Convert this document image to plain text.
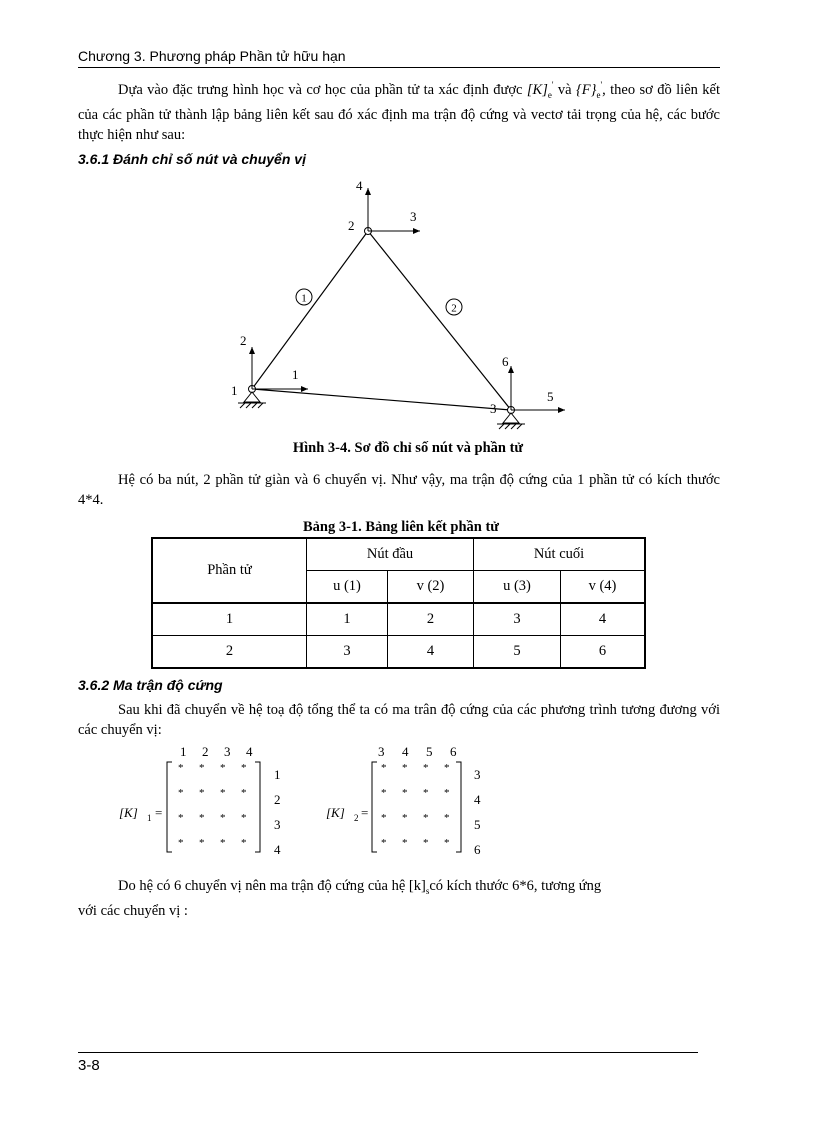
Chương 3. Phương pháp Phần tử hữu hạn
Dựa vào đặc trưng hình học và cơ học của phần tử ta xác định được $[K]_e'$ và $\{F\}_e'$, theo sơ đồ liên kết của các phần tử thành lập bảng liên kết sau đó xác định ma trận độ cứng và vectơ tải trọng của hệ, các bước thực hiện như sau:
3.6.1 Đánh chỉ số nút và chuyển vị
1
2
1
2
3
1
2
3
4
5
6
Hình 3-4. Sơ đồ chỉ số nút và phần tử
Hệ có ba nút, 2 phần tử giàn và 6 chuyển vị. Như vậy, ma trận độ cứng của 1 phần tử có kích thước 4*4.
Bảng 3-1. Bảng liên kết phần tử
Phần tử	Nút đầu		Nút cuối	
	u (1)	v (2)	u (3)	v (4)
1	1	2	3	4
2	3	4	5	6
3.6.2 Ma trận độ cứng
Sau khi đã chuyển về hệ toạ độ tổng thể ta có ma trân độ cứng của các phương trình tương đương với các chuyển vị:
[K] 1 =
1 2 3 4
1
2
3
4
* * * *
* * * *
* * * *
* * * *
[K] 2 =
3 4 5 6
3
4
5
6
* * * *
* * * *
* * * *
* * * *
Do hệ có 6 chuyển vị nên ma trận độ cứng của hệ $[k]_scó$ kích thước 6*6, tương ứng
với các chuyển vị :
3-8
